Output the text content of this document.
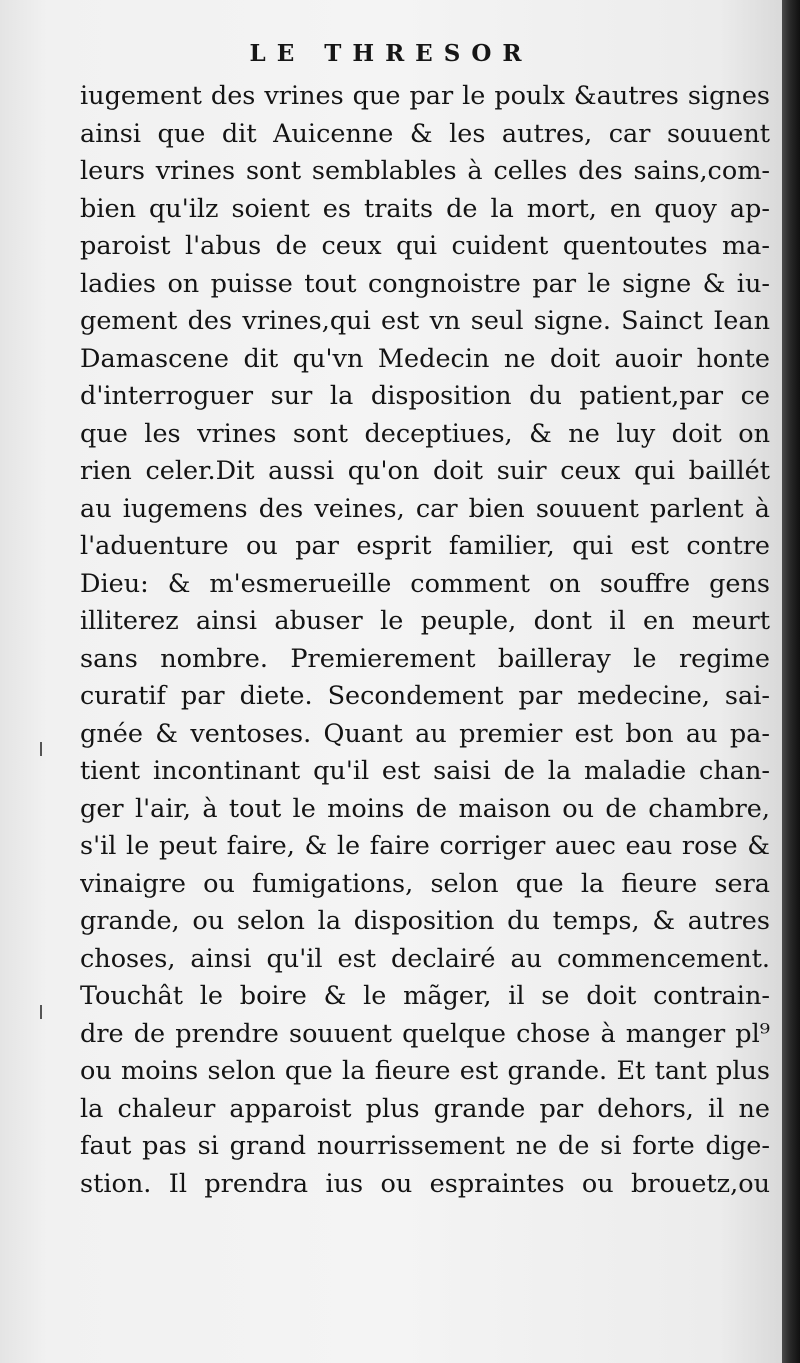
LE THRESOR
iugement des vrines que par le poulx &autres signes
ainsi que dit Auicenne & les autres, car souuent
leurs vrines sont semblables à celles des sains,com-
bien qu'ilz soient es traits de la mort, en quoy ap-
paroist l'abus de ceux qui cuident quentoutes ma-
ladies on puisse tout congnoistre par le signe & iu-
gement des vrines,qui est vn seul signe. Sainct Iean
Damascene dit qu'vn Medecin ne doit auoir honte
d'interroguer sur la disposition du patient,par ce
que les vrines sont deceptiues, & ne luy doit on
rien celer.Dit aussi qu'on doit suir ceux qui baillét
au iugemens des veines, car bien souuent parlent à
l'aduenture ou par esprit familier, qui est contre
Dieu: & m'esmerueille comment on souffre gens
illiterez ainsi abuser le peuple, dont il en meurt
sans nombre. Premierement bailleray le regime
curatif par diete. Secondement par medecine, sai-
gnée & ventoses. Quant au premier est bon au pa-
tient incontinant qu'il est saisi de la maladie chan-
ger l'air, à tout le moins de maison ou de chambre,
s'il le peut faire, & le faire corriger auec eau rose &
vinaigre ou fumigations, selon que la fieure sera
grande, ou selon la disposition du temps, & autres
choses, ainsi qu'il est declairé au commencement.
Touchât le boire & le mãger, il se doit contrain-
dre de prendre souuent quelque chose à manger pl⁹
ou moins selon que la fieure est grande. Et tant plus
la chaleur apparoist plus grande par dehors, il ne
faut pas si grand nourrissement ne de si forte dige-
stion. Il prendra ius ou espraintes ou brouetz,ou
